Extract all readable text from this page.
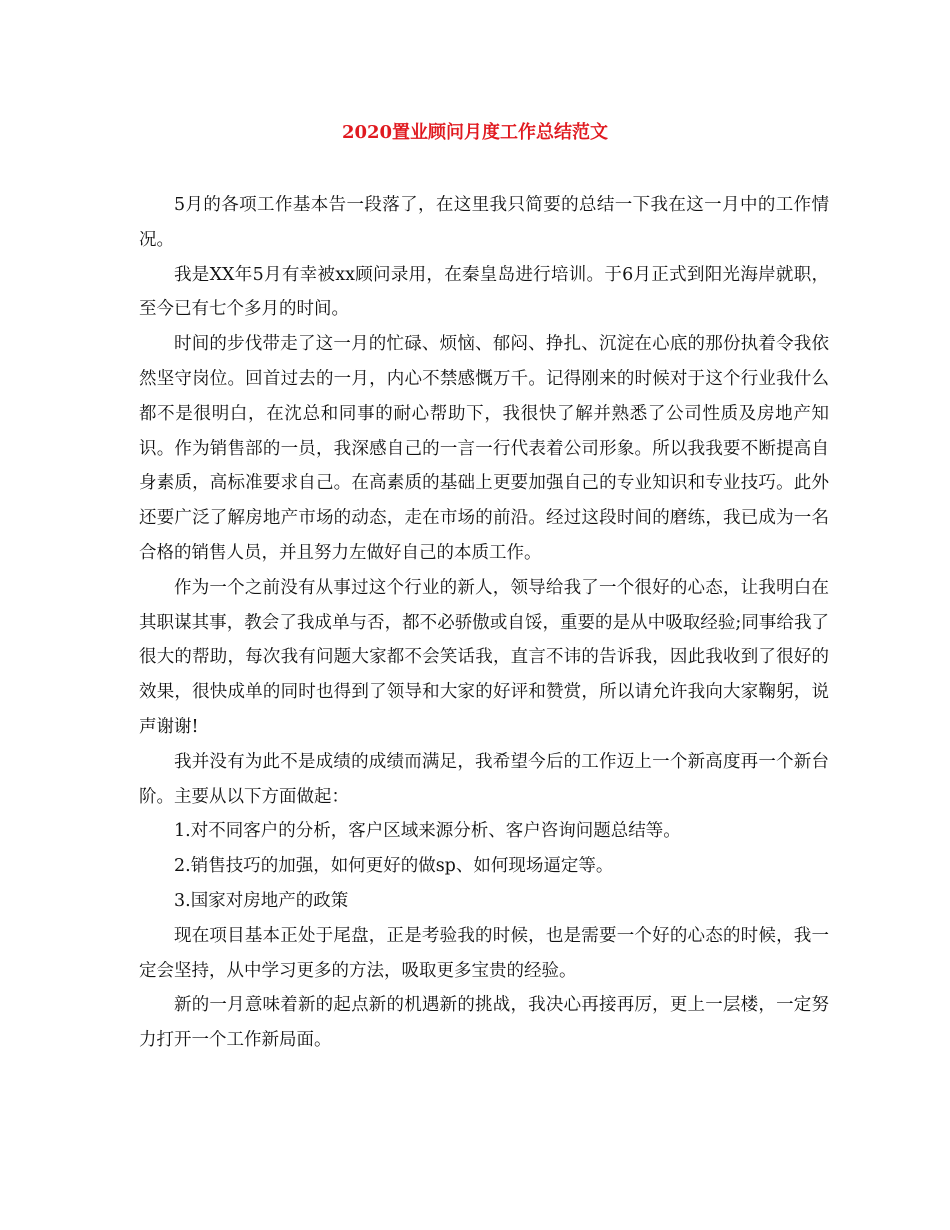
2020置业顾问月度工作总结范文

5月的各项工作基本告一段落了，在这里我只简要的总结一下我在这一月中的工作情况。

我是XX年5月有幸被xx顾问录用，在秦皇岛进行培训。于6月正式到阳光海岸就职，至今已有七个多月的时间。

时间的步伐带走了这一月的忙碌、烦恼、郁闷、挣扎、沉淀在心底的那份执着令我依然坚守岗位。回首过去的一月，内心不禁感慨万千。记得刚来的时候对于这个行业我什么都不是很明白，在沈总和同事的耐心帮助下，我很快了解并熟悉了公司性质及房地产知识。作为销售部的一员，我深感自己的一言一行代表着公司形象。所以我我要不断提高自身素质，高标准要求自己。在高素质的基础上更要加强自己的专业知识和专业技巧。此外还要广泛了解房地产市场的动态，走在市场的前沿。经过这段时间的磨练，我已成为一名合格的销售人员，并且努力左做好自己的本质工作。

作为一个之前没有从事过这个行业的新人，领导给我了一个很好的心态，让我明白在其职谋其事，教会了我成单与否，都不必骄傲或自馁，重要的是从中吸取经验;同事给我了很大的帮助，每次我有问题大家都不会笑话我，直言不讳的告诉我，因此我收到了很好的效果，很快成单的同时也得到了领导和大家的好评和赞赏，所以请允许我向大家鞠躬，说声谢谢!

我并没有为此不是成绩的成绩而满足，我希望今后的工作迈上一个新高度再一个新台阶。主要从以下方面做起：

1.对不同客户的分析，客户区域来源分析、客户咨询问题总结等。

2.销售技巧的加强，如何更好的做sp、如何现场逼定等。

3.国家对房地产的政策

现在项目基本正处于尾盘，正是考验我的时候，也是需要一个好的心态的时候，我一定会坚持，从中学习更多的方法，吸取更多宝贵的经验。

新的一月意味着新的起点新的机遇新的挑战，我决心再接再厉，更上一层楼，一定努力打开一个工作新局面。
